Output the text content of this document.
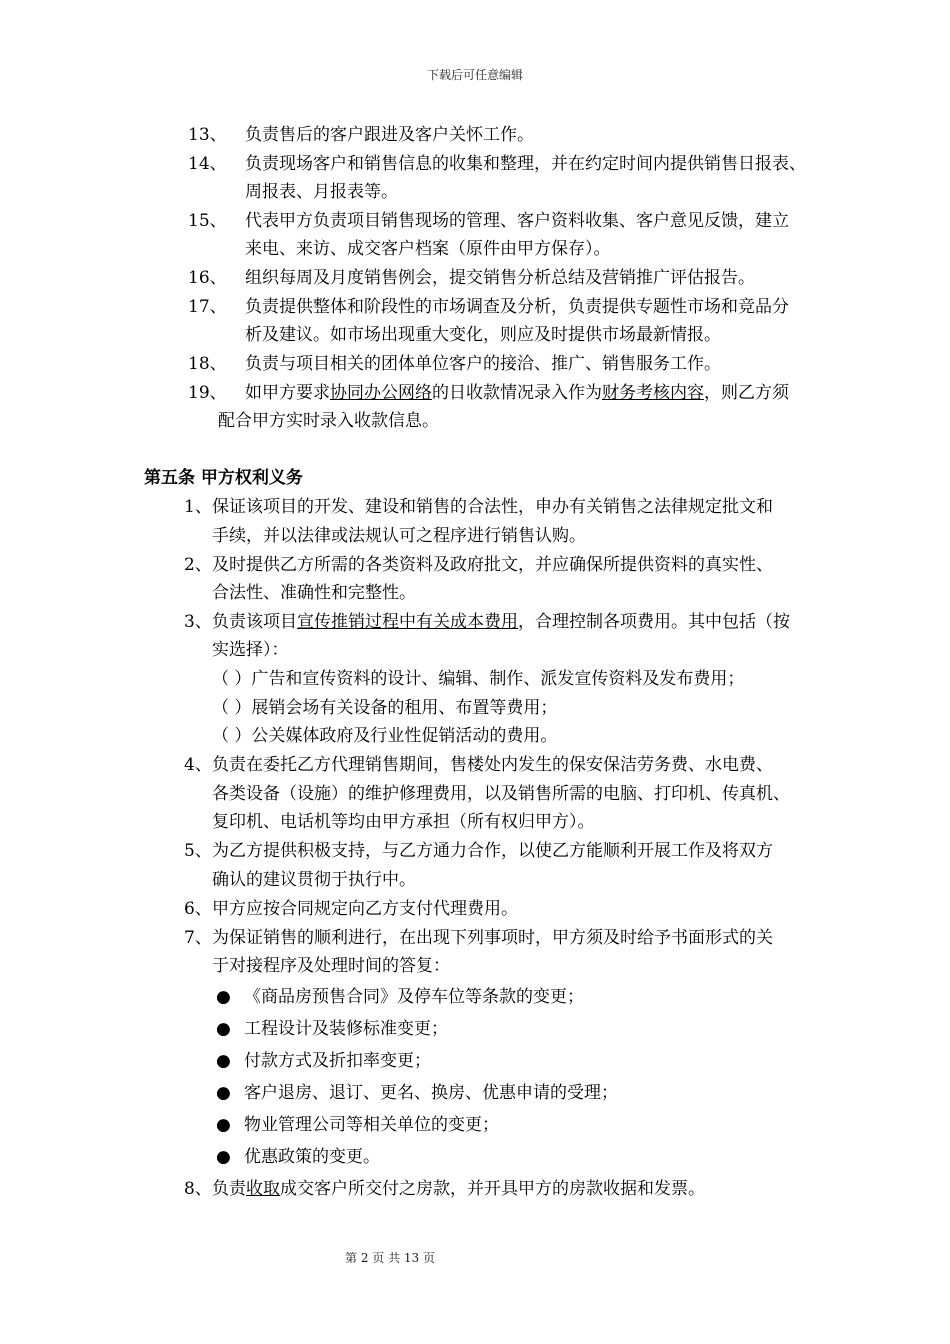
下载后可任意编辑
13、 负责售后的客户跟进及客户关怀工作。
14、 负责现场客户和销售信息的收集和整理，并在约定时间内提供销售日报表、
周报表、月报表等。
15、 代表甲方负责项目销售现场的管理、客户资料收集、客户意见反馈，建立
来电、来访、成交客户档案（原件由甲方保存）。
16、 组织每周及月度销售例会，提交销售分析总结及营销推广评估报告。
17、 负责提供整体和阶段性的市场调查及分析，负责提供专题性市场和竞品分
析及建议。如市场出现重大变化，则应及时提供市场最新情报。
18、 负责与项目相关的团体单位客户的接洽、推广、销售服务工作。
19、 如甲方要求协同办公网络的日收款情况录入作为财务考核内容，则乙方须
配合甲方实时录入收款信息。
第五条 甲方权利义务
1、 保证该项目的开发、建设和销售的合法性，申办有关销售之法律规定批文和
手续，并以法律或法规认可之程序进行销售认购。
2、 及时提供乙方所需的各类资料及政府批文，并应确保所提供资料的真实性、
合法性、准确性和完整性。
3、 负责该项目宣传推销过程中有关成本费用，合理控制各项费用。其中包括（按
实选择）：
（ ）广告和宣传资料的设计、编辑、制作、派发宣传资料及发布费用；
（ ）展销会场有关设备的租用、布置等费用；
（ ）公关媒体政府及行业性促销活动的费用。
4、 负责在委托乙方代理销售期间，售楼处内发生的保安保洁劳务费、水电费、
各类设备（设施）的维护修理费用，以及销售所需的电脑、打印机、传真机、
复印机、电话机等均由甲方承担（所有权归甲方）。
5、 为乙方提供积极支持，与乙方通力合作，以使乙方能顺利开展工作及将双方
确认的建议贯彻于执行中。
6、 甲方应按合同规定向乙方支付代理费用。
7、 为保证销售的顺利进行，在出现下列事项时，甲方须及时给予书面形式的关
于对接程序及处理时间的答复：
● 《商品房预售合同》及停车位等条款的变更；
● 工程设计及装修标准变更；
● 付款方式及折扣率变更；
● 客户退房、退订、更名、换房、优惠申请的受理；
● 物业管理公司等相关单位的变更；
● 优惠政策的变更。
8、 负责收取成交客户所交付之房款，并开具甲方的房款收据和发票。
第 2 页 共 13 页
